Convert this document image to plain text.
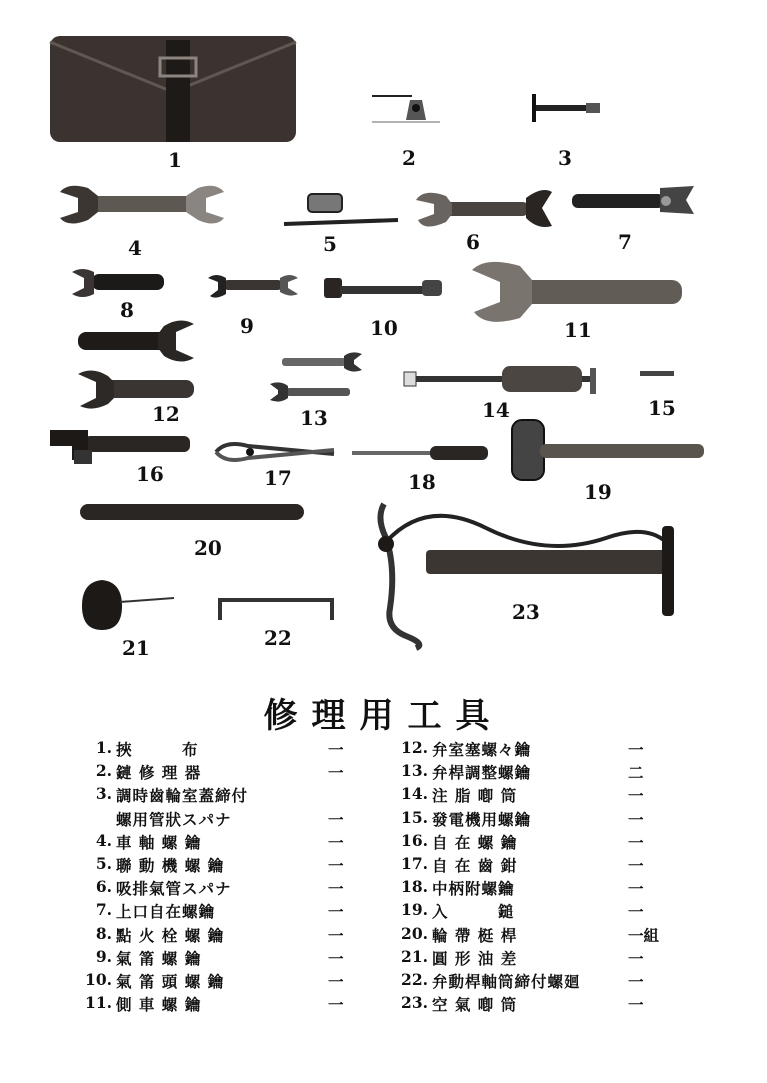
1	2	3
4	5	6	7
8
9	10	11
12	13	14	15
16	17	18	19
20
21	22
23
修理用工具
1. 挾　　　布	一
2. 鏈 修 理 器	一
3. 調時齒輪室蓋締付
螺用管狀スパナ	一
4. 車 軸 螺 鑰	一
5. 聯 動 機 螺 鑰	一
6. 吸排氣管スパナ	一
7. 上口自在螺鑰	一
8. 點 火 栓 螺 鑰	一
9. 氣 筩 螺 鑰	一
10. 氣 筩 頭 螺 鑰	一
11. 側 車 螺 鑰	一
12. 弁室塞螺々鑰	一
13. 弁桿調整螺鑰	二
14. 注 脂 喞 筒	一
15. 發電機用螺鑰	一
16. 自 在 螺 鑰	一
17. 自 在 齒 鉗	一
18. 中柄附螺鑰	一
19. 入　　　鎚	一
20. 輪 帶 梃 桿	一組
21. 圓 形 油 差	一
22. 弁動桿軸筒締付螺廻	一
23. 空 氣 喞 筒	一
